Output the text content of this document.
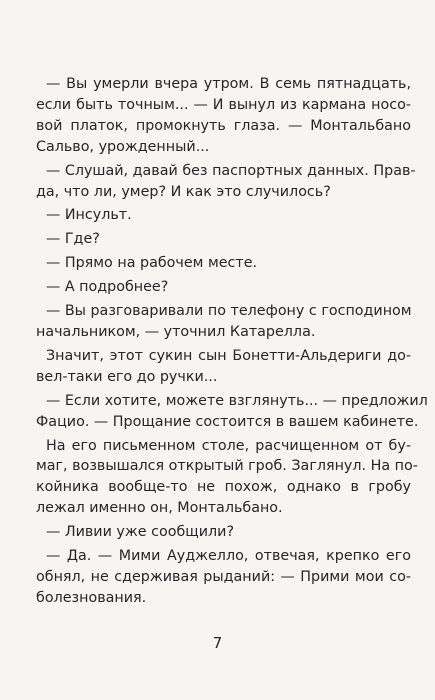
— Вы умерли вчера утром. В семь пятнадцать,
если быть точным... — И вынул из кармана носо-
вой платок, промокнуть глаза. — Монтальбано
Сальво, урожденный...
— Слушай, давай без паспортных данных. Прав-
да, что ли, умер? И как это случилось?
— Инсульт.
— Где?
— Прямо на рабочем месте.
— А подробнее?
— Вы разговаривали по телефону с господином
начальником, — уточнил Катарелла.
Значит, этот сукин сын Бонетти-Альдериги до-
вел-таки его до ручки...
— Если хотите, можете взглянуть... — предложил
Фацио. — Прощание состоится в вашем кабинете.
На его письменном столе, расчищенном от бу-
маг, возвышался открытый гроб. Заглянул. На по-
койника вообще-то не похож, однако в гробу
лежал именно он, Монтальбано.
— Ливии уже сообщили?
— Да. — Мими Ауджелло, отвечая, крепко его
обнял, не сдерживая рыданий: — Прими мои со-
болезнования.
7
